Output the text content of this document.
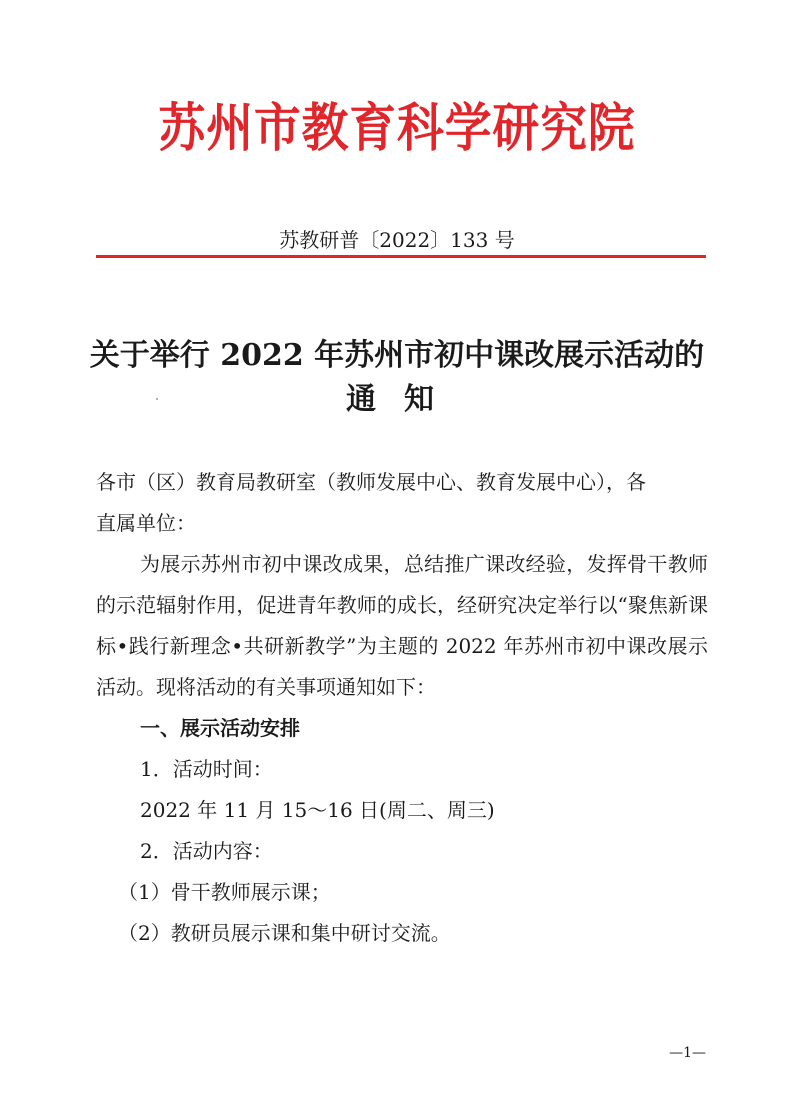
苏州市教育科学研究院
苏教研普〔2022〕133 号
关于举行 2022 年苏州市初中课改展示活动的
通知

各市（区）教育局教研室（教师发展中心、教育发展中心），各

直属单位：

为展示苏州市初中课改成果，总结推广课改经验，发挥骨干教师的示范辐射作用，促进青年教师的成长，经研究决定举行以“聚焦新课标•践行新理念•共研新教学”为主题的 2022 年苏州市初中课改展示活动。现将活动的有关事项通知如下：

一、展示活动安排

1．活动时间：

2022 年 11 月 15～16 日(周二、周三)

2．活动内容：

（1）骨干教师展示课；

（2）教研员展示课和集中研讨交流。

—1—
